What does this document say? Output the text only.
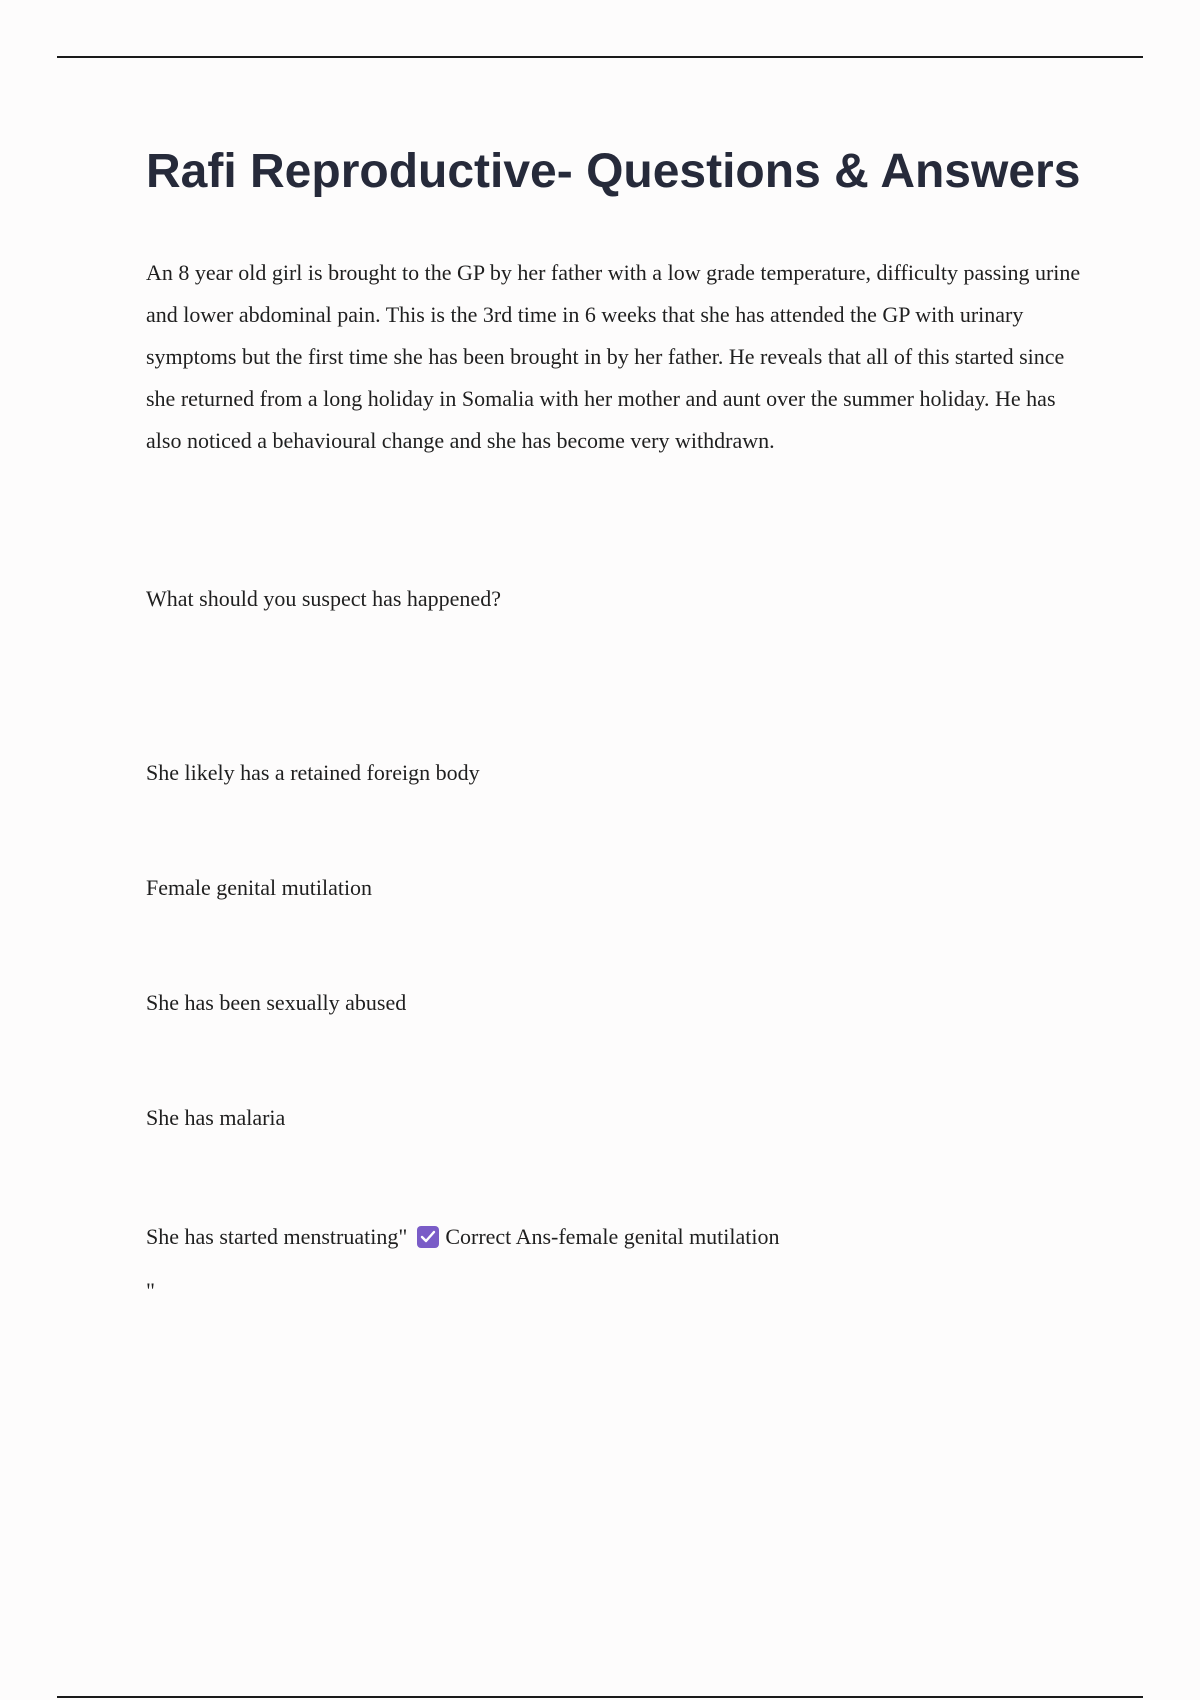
Rafi Reproductive- Questions & Answers

An 8 year old girl is brought to the GP by her father with a low grade temperature, difficulty passing urine and lower abdominal pain. This is the 3rd time in 6 weeks that she has attended the GP with urinary symptoms but the first time she has been brought in by her father. He reveals that all of this started since she returned from a long holiday in Somalia with her mother and aunt over the summer holiday. He has also noticed a behavioural change and she has become very withdrawn.

What should you suspect has happened?

She likely has a retained foreign body

Female genital mutilation

She has been sexually abused

She has malaria

She has started menstruating" Correct Ans-female genital mutilation

"
